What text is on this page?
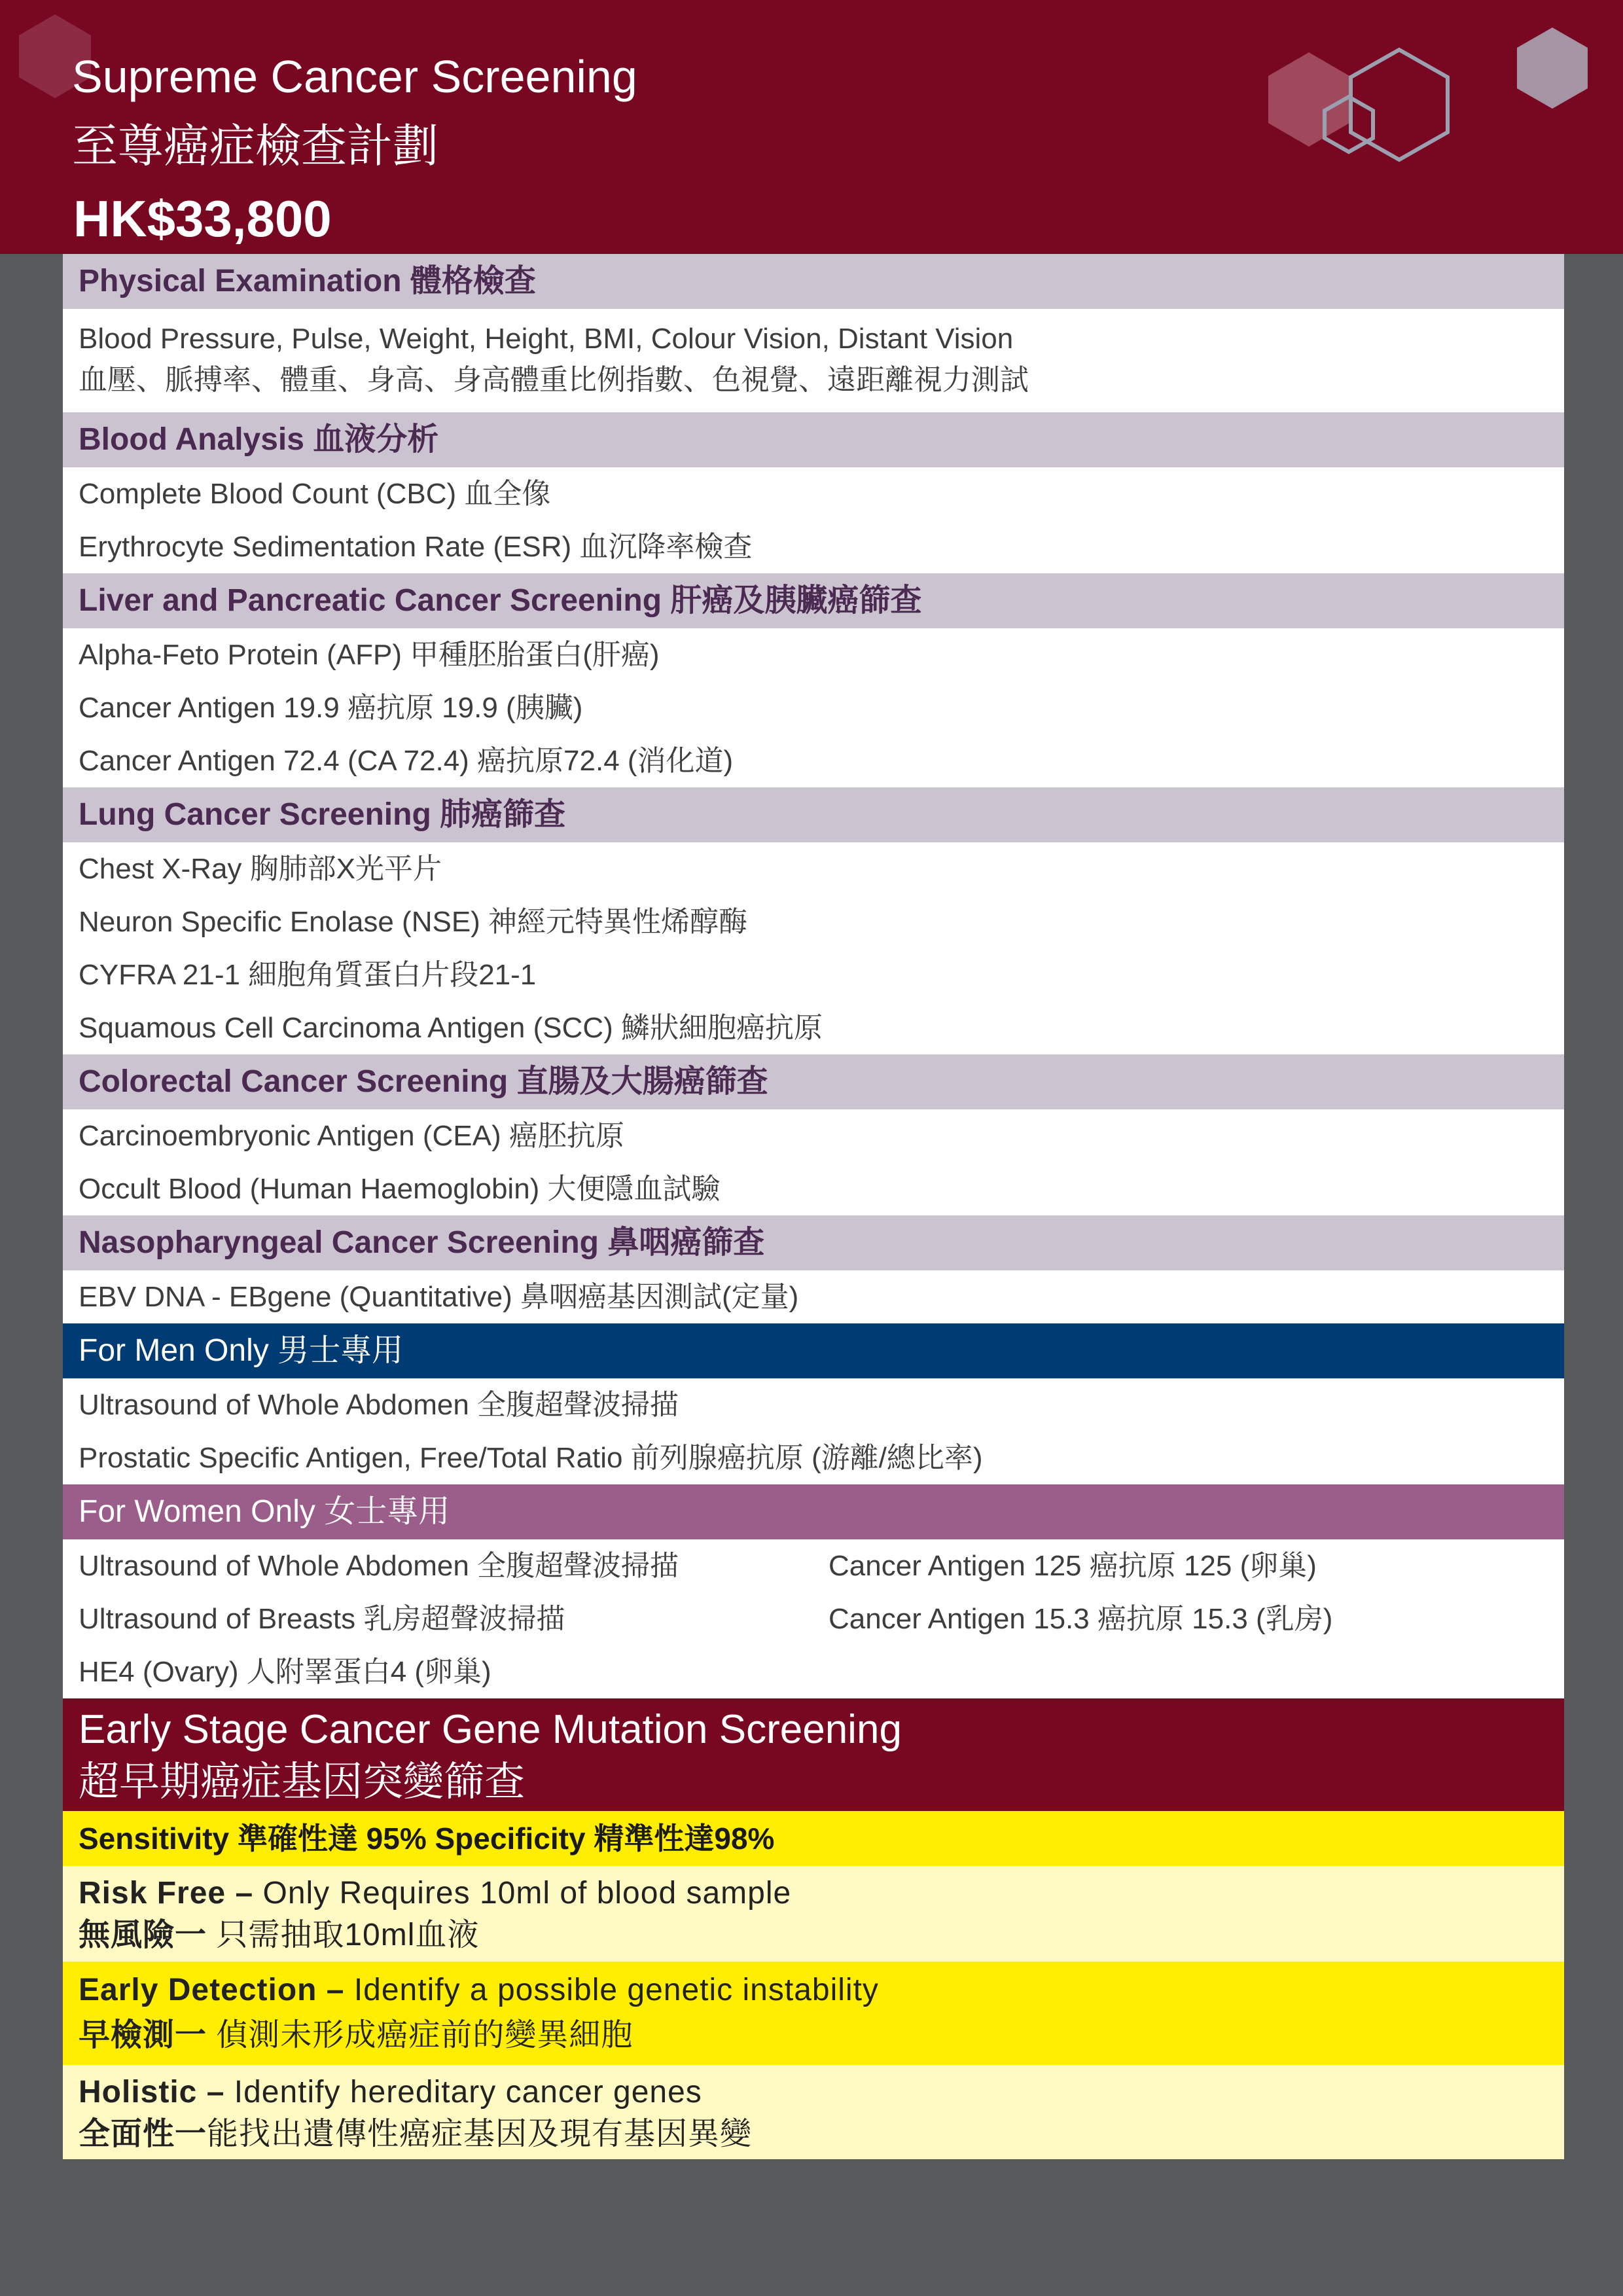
Supreme Cancer Screening
至尊癌症檢查計劃
HK$33,800
Physical Examination 體格檢查
Blood Pressure, Pulse, Weight, Height, BMI, Colour Vision, Distant Vision
血壓、脈搏率、體重、身高、身高體重比例指數、色視覺、遠距離視力測試
Blood Analysis 血液分析
Complete Blood Count (CBC) 血全像
Erythrocyte Sedimentation Rate (ESR) 血沉降率檢查
Liver and Pancreatic Cancer Screening 肝癌及胰臟癌篩查
Alpha-Feto Protein (AFP) 甲種胚胎蛋白(肝癌)
Cancer Antigen 19.9 癌抗原 19.9 (胰臟)
Cancer Antigen 72.4 (CA 72.4) 癌抗原72.4 (消化道)
Lung Cancer Screening 肺癌篩查
Chest X-Ray 胸肺部X光平片
Neuron Specific Enolase (NSE) 神經元特異性烯醇酶
CYFRA 21-1 細胞角質蛋白片段21-1
Squamous Cell Carcinoma Antigen (SCC) 鱗狀細胞癌抗原
Colorectal Cancer Screening 直腸及大腸癌篩查
Carcinoembryonic Antigen (CEA) 癌胚抗原
Occult Blood (Human Haemoglobin) 大便隱血試驗
Nasopharyngeal Cancer Screening 鼻咽癌篩查
EBV DNA - EBgene (Quantitative) 鼻咽癌基因測試(定量)
For Men Only 男士專用
Ultrasound of Whole Abdomen 全腹超聲波掃描
Prostatic Specific Antigen, Free/Total Ratio 前列腺癌抗原 (游離/總比率)
For Women Only 女士專用
Ultrasound of Whole Abdomen 全腹超聲波掃描
Ultrasound of Breasts 乳房超聲波掃描
HE4 (Ovary) 人附睪蛋白4 (卵巢)
Cancer Antigen 125 癌抗原 125 (卵巢)
Cancer Antigen 15.3 癌抗原 15.3 (乳房)
Early Stage Cancer Gene Mutation Screening
超早期癌症基因突變篩查
Sensitivity 準確性達 95% Specificity 精準性達98%
Risk Free – Only Requires 10ml of blood sample
無風險一 只需抽取10ml血液
Early Detection – Identify a possible genetic instability
早檢測一 偵測未形成癌症前的變異細胞
Holistic – Identify hereditary cancer genes
全面性一能找出遺傳性癌症基因及現有基因異變
